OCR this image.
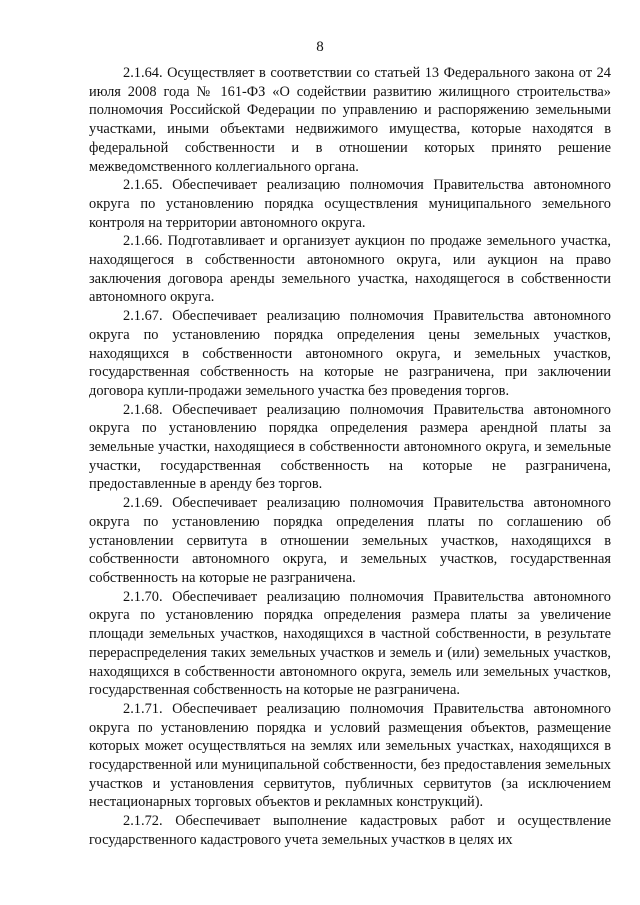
8

2.1.64. Осуществляет в соответствии со статьей 13 Федерального закона от 24 июля 2008 года № 161-ФЗ «О содействии развитию жилищного строительства» полномочия Российской Федерации по управлению и распоряжению земельными участками, иными объектами недвижимого имущества, которые находятся в федеральной собственности и в отношении которых принято решение межведомственного коллегиального органа.

2.1.65. Обеспечивает реализацию полномочия Правительства автономного округа по установлению порядка осуществления муниципального земельного контроля на территории автономного округа.

2.1.66. Подготавливает и организует аукцион по продаже земельного участка, находящегося в собственности автономного округа, или аукцион на право заключения договора аренды земельного участка, находящегося в собственности автономного округа.

2.1.67. Обеспечивает реализацию полномочия Правительства автономного округа по установлению порядка определения цены земельных участков, находящихся в собственности автономного округа, и земельных участков, государственная собственность на которые не разграничена, при заключении договора купли-продажи земельного участка без проведения торгов.

2.1.68. Обеспечивает реализацию полномочия Правительства автономного округа по установлению порядка определения размера арендной платы за земельные участки, находящиеся в собственности автономного округа, и земельные участки, государственная собственность на которые не разграничена, предоставленные в аренду без торгов.

2.1.69. Обеспечивает реализацию полномочия Правительства автономного округа по установлению порядка определения платы по соглашению об установлении сервитута в отношении земельных участков, находящихся в собственности автономного округа, и земельных участков, государственная собственность на которые не разграничена.

2.1.70. Обеспечивает реализацию полномочия Правительства автономного округа по установлению порядка определения размера платы за увеличение площади земельных участков, находящихся в частной собственности, в результате перераспределения таких земельных участков и земель и (или) земельных участков, находящихся в собственности автономного округа, земель или земельных участков, государственная собственность на которые не разграничена.

2.1.71. Обеспечивает реализацию полномочия Правительства автономного округа по установлению порядка и условий размещения объектов, размещение которых может осуществляться на землях или земельных участках, находящихся в государственной или муниципальной собственности, без предоставления земельных участков и установления сервитутов, публичных сервитутов (за исключением нестационарных торговых объектов и рекламных конструкций).

2.1.72. Обеспечивает выполнение кадастровых работ и осуществление государственного кадастрового учета земельных участков в целях их
